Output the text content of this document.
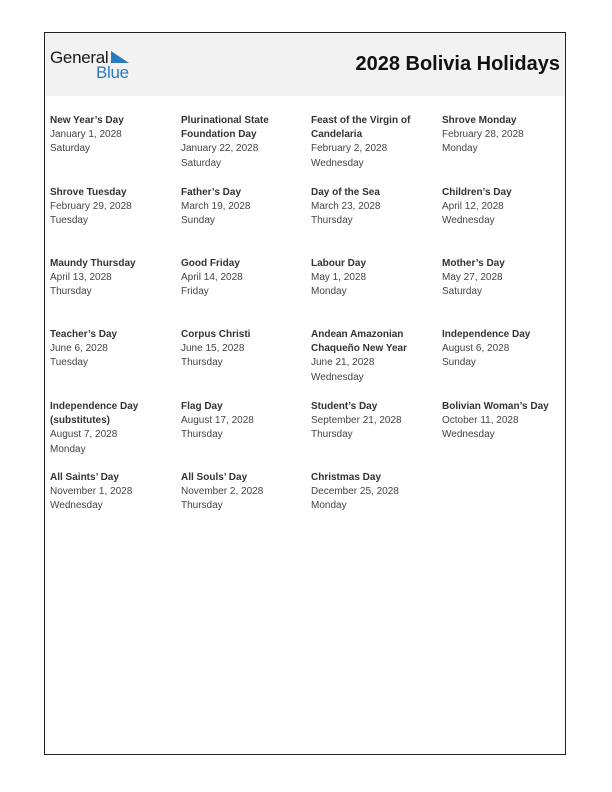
General
Blue	2028 Bolivia Holidays
New Year’s Day
January 1, 2028
Saturday
Plurinational State Foundation Day
January 22, 2028
Saturday
Feast of the Virgin of Candelaria
February 2, 2028
Wednesday
Shrove Monday
February 28, 2028
Monday
Shrove Tuesday
February 29, 2028
Tuesday
Father’s Day
March 19, 2028
Sunday
Day of the Sea
March 23, 2028
Thursday
Children’s Day
April 12, 2028
Wednesday
Maundy Thursday
April 13, 2028
Thursday
Good Friday
April 14, 2028
Friday
Labour Day
May 1, 2028
Monday
Mother’s Day
May 27, 2028
Saturday
Teacher’s Day
June 6, 2028
Tuesday
Corpus Christi
June 15, 2028
Thursday
Andean Amazonian Chaqueño New Year
June 21, 2028
Wednesday
Independence Day
August 6, 2028
Sunday
Independence Day (substitutes)
August 7, 2028
Monday
Flag Day
August 17, 2028
Thursday
Student’s Day
September 21, 2028
Thursday
Bolivian Woman’s Day
October 11, 2028
Wednesday
All Saints’ Day
November 1, 2028
Wednesday
All Souls’ Day
November 2, 2028
Thursday
Christmas Day
December 25, 2028
Monday
